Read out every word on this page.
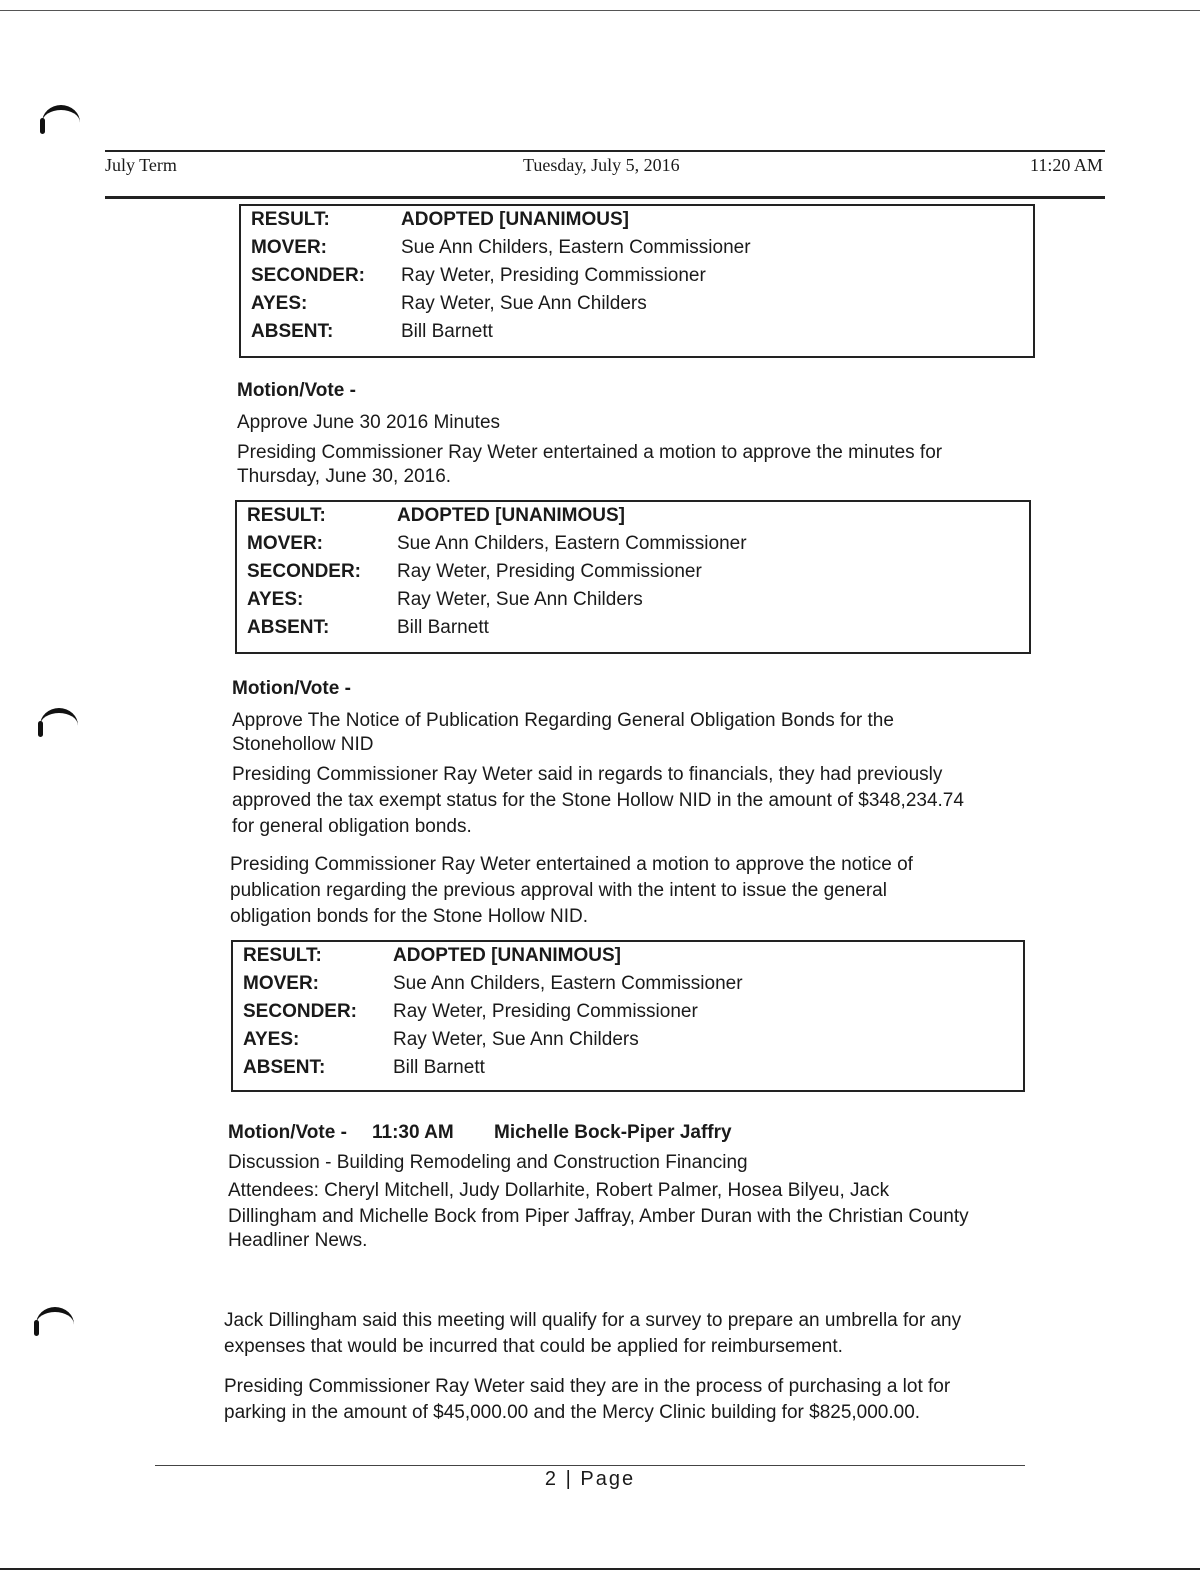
July Term	Tuesday, July 5, 2016	11:20 AM
RESULT:	ADOPTED [UNANIMOUS]
MOVER:	Sue Ann Childers, Eastern Commissioner
SECONDER:	Ray Weter, Presiding Commissioner
AYES:	Ray Weter, Sue Ann Childers
ABSENT:	Bill Barnett
Motion/Vote -
Approve June 30 2016 Minutes
Presiding Commissioner Ray Weter entertained a motion to approve the minutes for
Thursday, June 30, 2016.
RESULT:	ADOPTED [UNANIMOUS]
MOVER:	Sue Ann Childers, Eastern Commissioner
SECONDER:	Ray Weter, Presiding Commissioner
AYES:	Ray Weter, Sue Ann Childers
ABSENT:	Bill Barnett
Motion/Vote -
Approve The Notice of Publication Regarding General Obligation Bonds for the
Stonehollow NID
Presiding Commissioner Ray Weter said in regards to financials, they had previously
approved the tax exempt status for the Stone Hollow NID in the amount of $348,234.74
for general obligation bonds.
Presiding Commissioner Ray Weter entertained a motion to approve the notice of
publication regarding the previous approval with the intent to issue the general
obligation bonds for the Stone Hollow NID.
RESULT:	ADOPTED [UNANIMOUS]
MOVER:	Sue Ann Childers, Eastern Commissioner
SECONDER:	Ray Weter, Presiding Commissioner
AYES:	Ray Weter, Sue Ann Childers
ABSENT:	Bill Barnett
Motion/Vote - 11:30 AM Michelle Bock-Piper Jaffry
Discussion - Building Remodeling and Construction Financing
Attendees: Cheryl Mitchell, Judy Dollarhite, Robert Palmer, Hosea Bilyeu, Jack
Dillingham and Michelle Bock from Piper Jaffray, Amber Duran with the Christian County
Headliner News.
Jack Dillingham said this meeting will qualify for a survey to prepare an umbrella for any
expenses that would be incurred that could be applied for reimbursement.
Presiding Commissioner Ray Weter said they are in the process of purchasing a lot for
parking in the amount of $45,000.00 and the Mercy Clinic building for $825,000.00.
2 | Page
